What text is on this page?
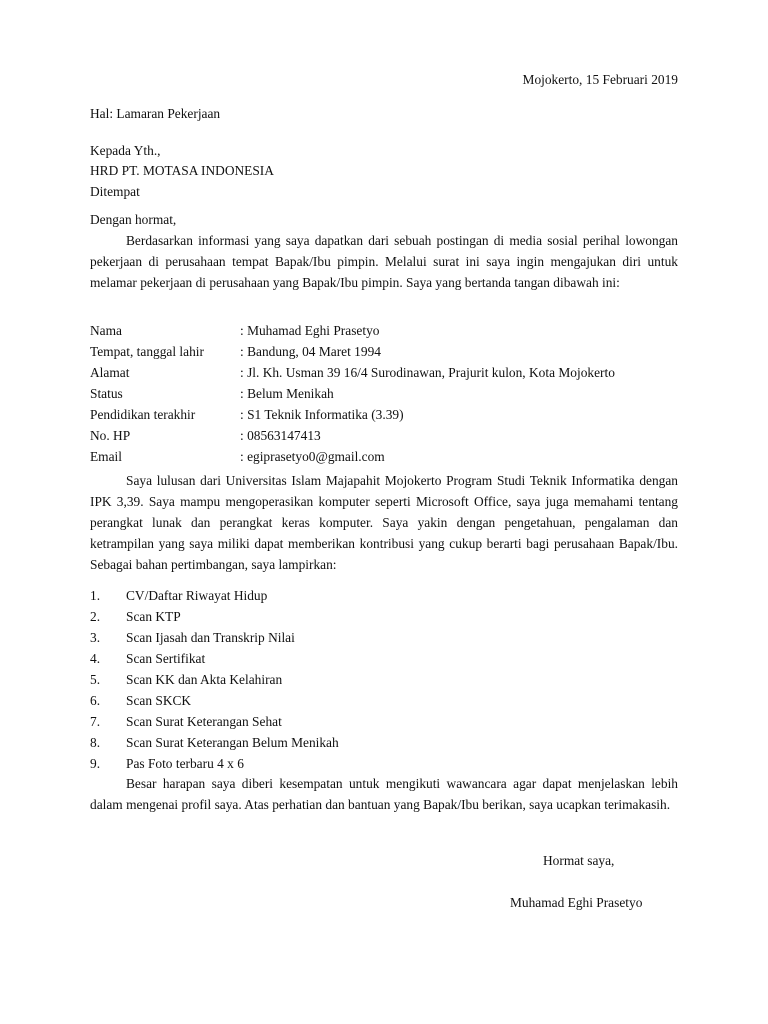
Mojokerto, 15 Februari 2019
Hal: Lamaran Pekerjaan
Kepada Yth.,
HRD PT. MOTASA INDONESIA
Ditempat
Dengan hormat,
Berdasarkan informasi yang saya dapatkan dari sebuah postingan di media sosial perihal lowongan pekerjaan di perusahaan tempat Bapak/Ibu pimpin. Melalui surat ini saya ingin mengajukan diri untuk melamar pekerjaan di perusahaan yang Bapak/Ibu pimpin. Saya yang bertanda tangan dibawah ini:
Nama	: Muhamad Eghi Prasetyo
Tempat, tanggal lahir	: Bandung, 04 Maret 1994
Alamat	: Jl. Kh. Usman 39 16/4 Surodinawan, Prajurit kulon, Kota Mojokerto
Status	: Belum Menikah
Pendidikan terakhir	: S1 Teknik Informatika (3.39)
No. HP	: 08563147413
Email	: egiprasetyo0@gmail.com
Saya lulusan dari Universitas Islam Majapahit Mojokerto Program Studi Teknik Informatika dengan IPK 3,39. Saya mampu mengoperasikan komputer seperti Microsoft Office, saya juga memahami tentang perangkat lunak dan perangkat keras komputer. Saya yakin dengan pengetahuan, pengalaman dan ketrampilan yang saya miliki dapat memberikan kontribusi yang cukup berarti bagi perusahaan Bapak/Ibu. Sebagai bahan pertimbangan, saya lampirkan:
1. CV/Daftar Riwayat Hidup
2. Scan KTP
3. Scan Ijasah dan Transkrip Nilai
4. Scan Sertifikat
5. Scan KK dan Akta Kelahiran
6. Scan SKCK
7. Scan Surat Keterangan Sehat
8. Scan Surat Keterangan Belum Menikah
9. Pas Foto terbaru 4 x 6
Besar harapan saya diberi kesempatan untuk mengikuti wawancara agar dapat menjelaskan lebih dalam mengenai profil saya. Atas perhatian dan bantuan yang Bapak/Ibu berikan, saya ucapkan terimakasih.
Hormat saya,
Muhamad Eghi Prasetyo
